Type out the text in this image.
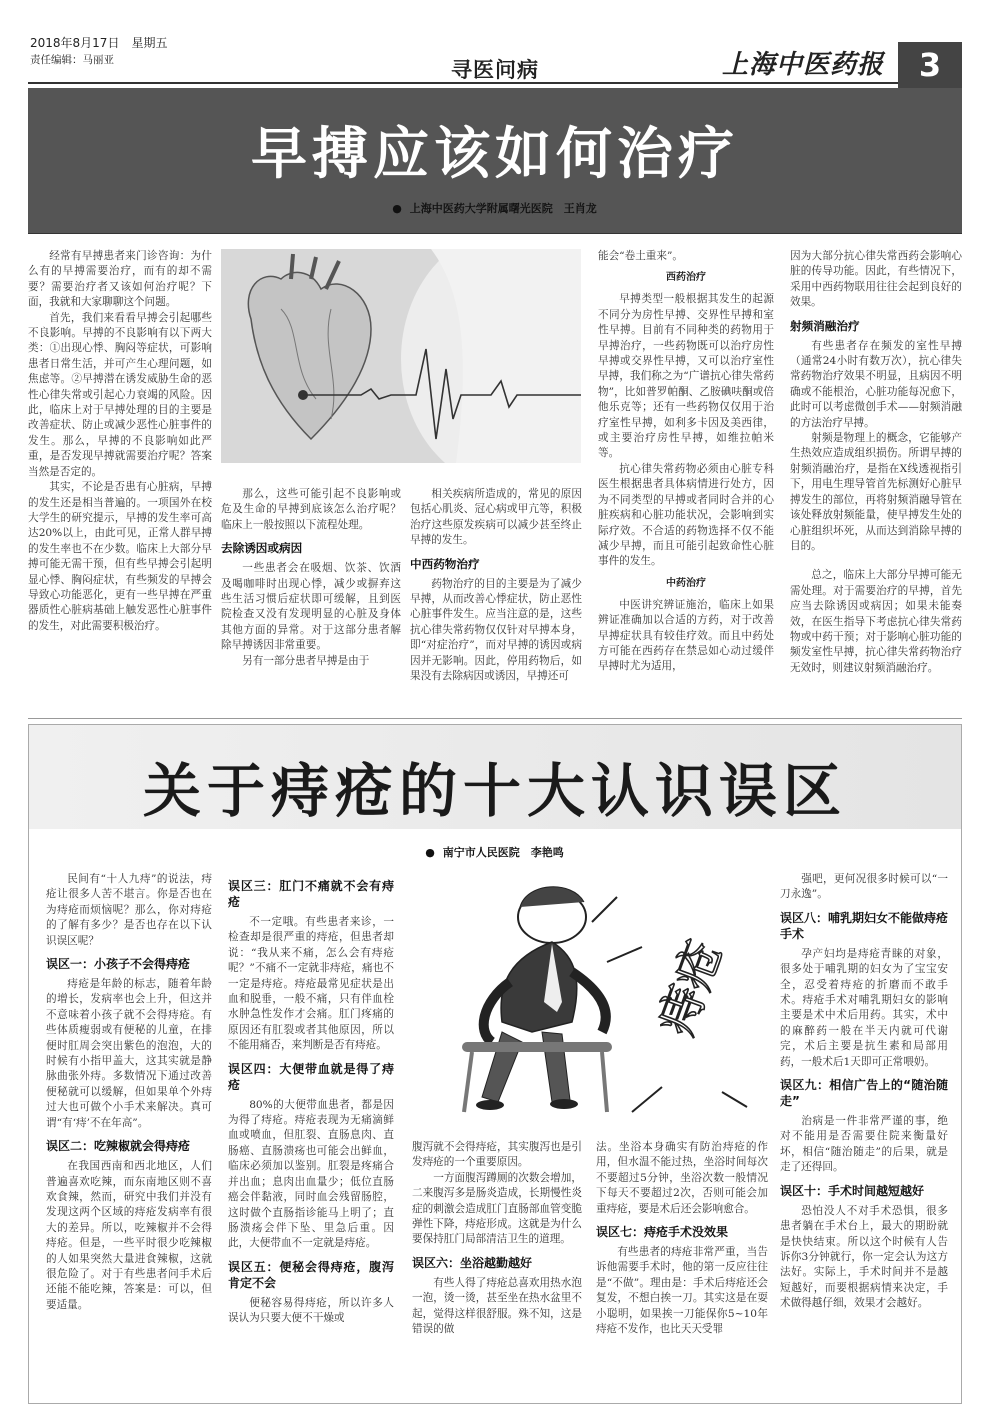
2018年8月17日　星期五
责任编辑：马丽亚	寻医问病	上海中医药报	3
早搏应该如何治疗
● 上海中医药大学附属曙光医院　王肖龙

经常有早搏患者来门诊咨询：为什么有的早搏需要治疗，而有的却不需要？需要治疗者又该如何治疗呢？下面，我就和大家聊聊这个问题。

首先，我们来看看早搏会引起哪些不良影响。早搏的不良影响有以下两大类：①出现心悸、胸闷等症状，可影响患者日常生活，并可产生心理问题，如焦虑等。②早搏潜在诱发威胁生命的恶性心律失常或引起心力衰竭的风险。因此，临床上对于早搏处理的目的主要是改善症状、防止或减少恶性心脏事件的发生。那么，早搏的不良影响如此严重，是否发现早搏就需要治疗呢？答案当然是否定的。

其实，不论是否患有心脏病，早搏的发生还是相当普遍的。一项国外在校大学生的研究提示，早搏的发生率可高达20%以上，由此可见，正常人群早搏的发生率也不在少数。临床上大部分早搏可能无需干预，但有些早搏会引起明显心悸、胸闷症状，有些频发的早搏会导致心功能恶化，更有一些早搏在严重器质性心脏病基础上触发恶性心脏事件的发生，对此需要积极治疗。

那么，这些可能引起不良影响或危及生命的早搏到底该怎么治疗呢？临床上一般按照以下流程处理。

去除诱因或病因

一些患者会在吸烟、饮茶、饮酒及喝咖啡时出现心悸，减少或摒弃这些生活习惯后症状即可缓解，且到医院检查又没有发现明显的心脏及身体其他方面的异常。对于这部分患者解除早搏诱因非常重要。

另有一部分患者早搏是由于

相关疾病所造成的，常见的原因包括心肌炎、冠心病或甲亢等，积极治疗这些原发疾病可以减少甚至终止早搏的发生。

中西药物治疗

药物治疗的目的主要是为了减少早搏，从而改善心悸症状，防止恶性心脏事件发生。应当注意的是，这些抗心律失常药物仅仅针对早搏本身，即“对症治疗”，而对早搏的诱因或病因并无影响。因此，停用药物后，如果没有去除病因或诱因，早搏还可

能会“卷土重来”。
西药治疗

早搏类型一般根据其发生的起源不同分为房性早搏、交界性早搏和室性早搏。目前有不同种类的药物用于早搏治疗，一些药物既可以治疗房性早搏或交界性早搏，又可以治疗室性早搏，我们称之为“广谱抗心律失常药物”，比如普罗帕酮、乙胺碘呋酮或倍他乐克等；还有一些药物仅仅用于治疗室性早搏，如利多卡因及美西律，或主要治疗房性早搏，如维拉帕米等。

抗心律失常药物必须由心脏专科医生根据患者具体病情进行处方，因为不同类型的早搏或者同时合并的心脏疾病和心脏功能状况，会影响到实际疗效。不合适的药物选择不仅不能减少早搏，而且可能引起致命性心脏事件的发生。

中药治疗

中医讲究辨证施治，临床上如果辨证准确加以合适的方药，对于改善早搏症状具有较佳疗效。而且中药处方可能在西药存在禁忌如心动过缓伴早搏时尤为适用，

因为大部分抗心律失常西药会影响心脏的传导功能。因此，有些情况下，采用中西药物联用往往会起到良好的效果。
射频消融治疗

有些患者存在频发的室性早搏（通常24小时有数万次），抗心律失常药物治疗效果不明显，且病因不明确或不能根治，心脏功能每况愈下，此时可以考虑微创手术——射频消融的方法治疗早搏。

射频是物理上的概念，它能够产生热效应造成组织损伤。所谓早搏的射频消融治疗，是指在X线透视指引下，用电生理导管首先标测好心脏早搏发生的部位，再将射频消融导管在该处释放射频能量，使早搏发生处的心脏组织坏死，从而达到消除早搏的目的。

总之，临床上大部分早搏可能无需处理。对于需要治疗的早搏，首先应当去除诱因或病因；如果未能奏效，在医生指导下考虑抗心律失常药物或中药干预；对于影响心脏功能的频发室性早搏，抗心律失常药物治疗无效时，则建议射频消融治疗。

关于痔疮的十大认识误区
● 南宁市人民医院　李艳鸣
痔疮

民间有“十人九痔”的说法，痔疮让很多人苦不堪言。你是否也在为痔疮而烦恼呢？那么，你对痔疮的了解有多少？是否也存在以下认识误区呢？

误区一：小孩子不会得痔疮

痔疮是年龄的标志，随着年龄的增长，发病率也会上升，但这并不意味着小孩子就不会得痔疮。有些体质瘦弱或有便秘的儿童，在排便时肛周会突出紫色的泡泡，大的时候有小指甲盖大，这其实就是静脉曲张外痔。多数情况下通过改善便秘就可以缓解，但如果单个外痔过大也可做个小手术来解决。真可谓“有‘痔’不在年高”。

误区二：吃辣椒就会得痔疮

在我国西南和西北地区，人们普遍喜欢吃辣，而东南地区则不喜欢食辣，然而，研究中我们并没有发现这两个区域的痔疮发病率有很大的差异。所以，吃辣椒并不会得痔疮。但是，一些平时很少吃辣椒的人如果突然大量进食辣椒，这就很危险了。对于有些患者问手术后还能不能吃辣，答案是：可以，但要适量。

误区三：肛门不痛就不会有痔疮

不一定哦。有些患者来诊，一检查却是很严重的痔疮，但患者却说：“我从来不痛，怎么会有痔疮呢？”不痛不一定就非痔疮，痛也不一定是痔疮。痔疮最常见症状是出血和脱垂，一般不痛，只有伴血栓水肿急性发作才会痛。肛门疼痛的原因还有肛裂或者其他原因，所以不能用痛否，来判断是否有痔疮。

误区四：大便带血就是得了痔疮

80%的大便带血患者，都是因为得了痔疮。痔疮表现为无痛滴鲜血或喷血，但肛裂、直肠息肉、直肠癌、直肠溃疡也可能会出鲜血，临床必须加以鉴别。肛裂是疼痛合并出血；息肉出血量少；低位直肠癌会伴黏液，同时血会残留肠腔，这时做个直肠指诊能马上明了；直肠溃疡会伴下坠、里急后重。因此，大便带血不一定就是痔疮。

误区五：便秘会得痔疮，腹泻肯定不会

便秘容易得痔疮，所以许多人误认为只要大便不干燥或

腹泻就不会得痔疮，其实腹泻也是引发痔疮的一个重要原因。

一方面腹泻蹲厕的次数会增加，二来腹泻多是肠炎造成，长期慢性炎症的刺激会造成肛门直肠部血管变脆弹性下降，痔疮形成。这就是为什么要保持肛门局部清洁卫生的道理。

误区六：坐浴越勤越好

有些人得了痔疮总喜欢用热水泡一泡，烫一烫，甚至坐在热水盆里不起，觉得这样很舒服。殊不知，这是错误的做

法。坐浴本身确实有防治痔疮的作用，但水温不能过热，坐浴时间每次不要超过5分钟，坐浴次数一般情况下每天不要超过2次，否则可能会加重痔疮，要是术后还会影响愈合。
误区七：痔疮手术没效果

有些患者的痔疮非常严重，当告诉他需要手术时，他的第一反应往往是“不做”。理由是：手术后痔疮还会复发，不想白挨一刀。其实这是在耍小聪明，如果挨一刀能保你5~10年痔疮不发作，也比天天受罪

强吧，更何况很多时候可以“一刀永逸”。

误区八：哺乳期妇女不能做痔疮手术

孕产妇均是痔疮青睐的对象，很多处于哺乳期的妇女为了宝宝安全，忍受着痔疮的折磨而不敢手术。痔疮手术对哺乳期妇女的影响主要是术中术后用药。其实，术中的麻醉药一般在半天内就可代谢完，术后主要是抗生素和局部用药，一般术后1天即可正常喂奶。

误区九：相信广告上的“随治随走”

治病是一件非常严谨的事，绝对不能用是否需要住院来衡量好坏，相信“随治随走”的后果，就是走了还得回。

误区十：手术时间越短越好

恐怕没人不对手术恐惧，很多患者躺在手术台上，最大的期盼就是快快结束。所以这个时候有人告诉你3分钟就行，你一定会认为这方法好。实际上，手术时间并不是越短越好，而要根据病情来决定，手术做得越仔细，效果才会越好。
